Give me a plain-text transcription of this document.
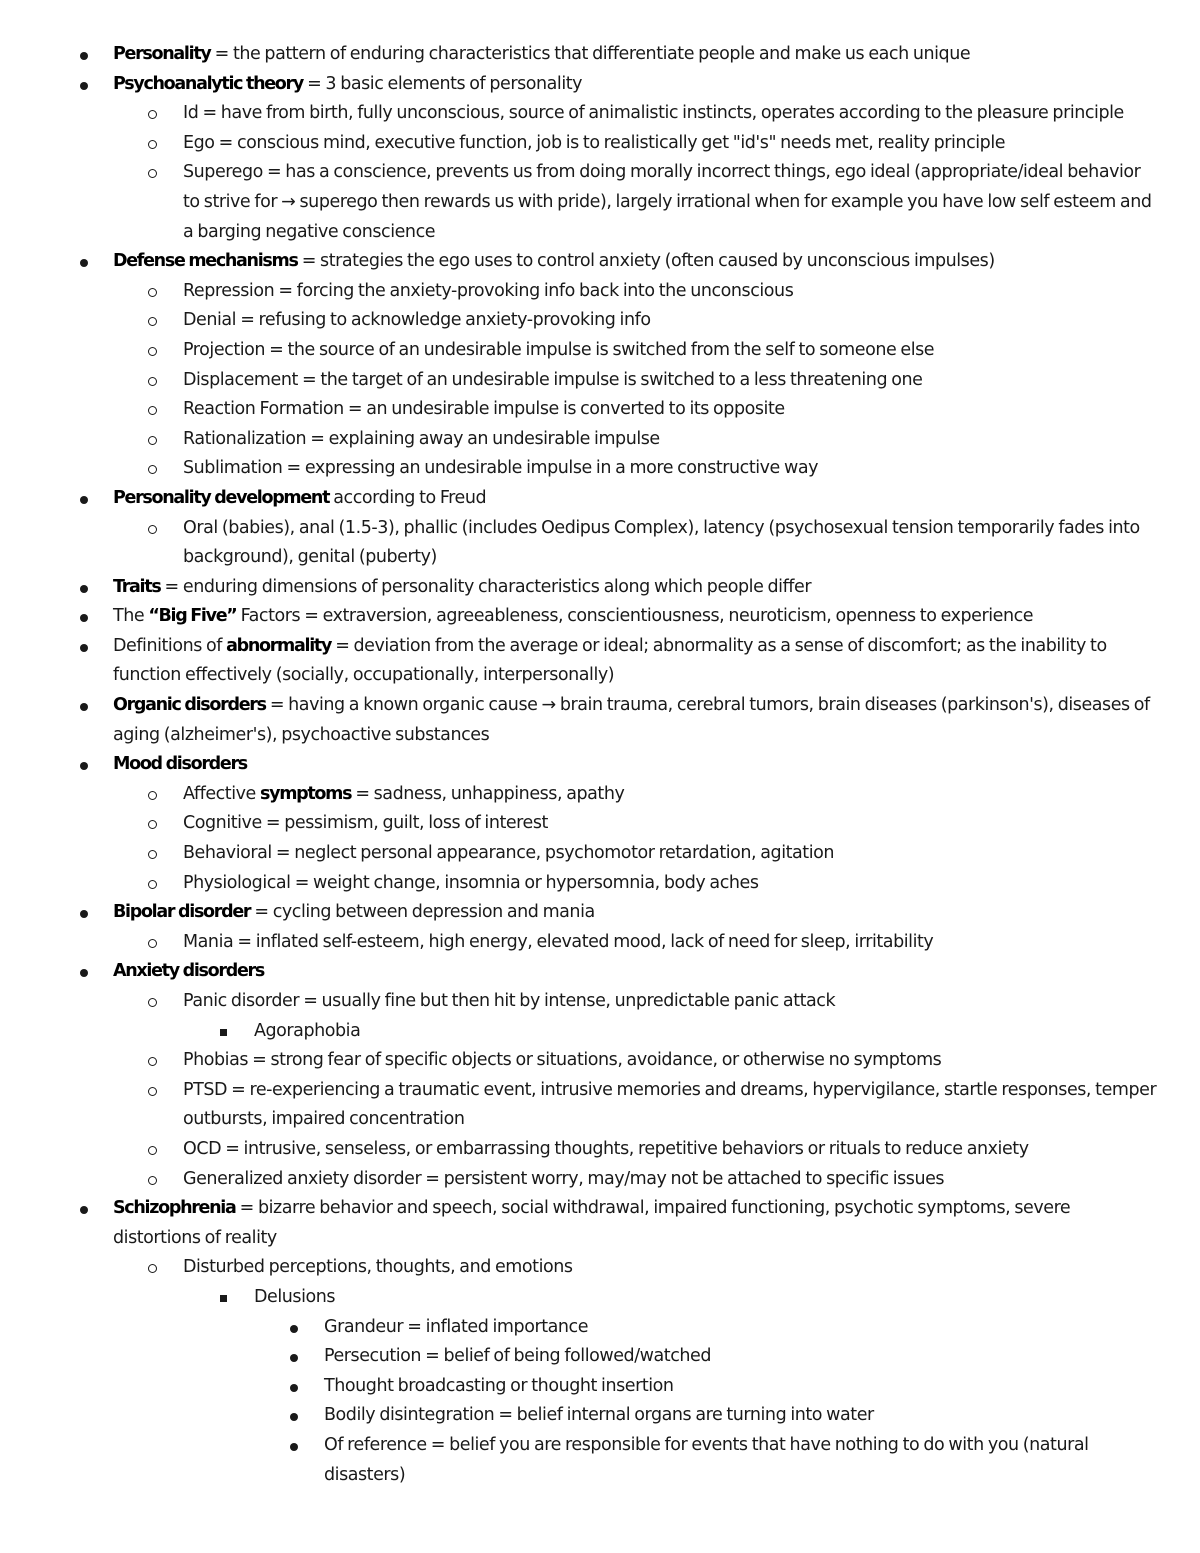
Personality = the pattern of enduring characteristics that differentiate people and make us each unique
Psychoanalytic theory = 3 basic elements of personality
Id = have from birth, fully unconscious, source of animalistic instincts, operates according to the pleasure principle
Ego = conscious mind, executive function, job is to realistically get "id's" needs met, reality principle
Superego = has a conscience, prevents us from doing morally incorrect things, ego ideal (appropriate/ideal behavior to strive for → superego then rewards us with pride), largely irrational when for example you have low self esteem and a barging negative conscience
Defense mechanisms = strategies the ego uses to control anxiety (often caused by unconscious impulses)
Repression = forcing the anxiety-provoking info back into the unconscious
Denial = refusing to acknowledge anxiety-provoking info
Projection = the source of an undesirable impulse is switched from the self to someone else
Displacement = the target of an undesirable impulse is switched to a less threatening one
Reaction Formation = an undesirable impulse is converted to its opposite
Rationalization = explaining away an undesirable impulse
Sublimation = expressing an undesirable impulse in a more constructive way
Personality development according to Freud
Oral (babies), anal (1.5-3), phallic (includes Oedipus Complex), latency (psychosexual tension temporarily fades into background), genital (puberty)
Traits = enduring dimensions of personality characteristics along which people differ
The “Big Five” Factors = extraversion, agreeableness, conscientiousness, neuroticism, openness to experience
Definitions of abnormality = deviation from the average or ideal; abnormality as a sense of discomfort; as the inability to function effectively (socially, occupationally, interpersonally)
Organic disorders = having a known organic cause → brain trauma, cerebral tumors, brain diseases (parkinson's), diseases of aging (alzheimer's), psychoactive substances
Mood disorders
Affective symptoms = sadness, unhappiness, apathy
Cognitive = pessimism, guilt, loss of interest
Behavioral = neglect personal appearance, psychomotor retardation, agitation
Physiological = weight change, insomnia or hypersomnia, body aches
Bipolar disorder = cycling between depression and mania
Mania = inflated self-esteem, high energy, elevated mood, lack of need for sleep, irritability
Anxiety disorders
Panic disorder = usually fine but then hit by intense, unpredictable panic attack
Agoraphobia
Phobias = strong fear of specific objects or situations, avoidance, or otherwise no symptoms
PTSD = re-experiencing a traumatic event, intrusive memories and dreams, hypervigilance, startle responses, temper outbursts, impaired concentration
OCD = intrusive, senseless, or embarrassing thoughts, repetitive behaviors or rituals to reduce anxiety
Generalized anxiety disorder = persistent worry, may/may not be attached to specific issues
Schizophrenia = bizarre behavior and speech, social withdrawal, impaired functioning, psychotic symptoms, severe distortions of reality
Disturbed perceptions, thoughts, and emotions
Delusions
Grandeur = inflated importance
Persecution = belief of being followed/watched
Thought broadcasting or thought insertion
Bodily disintegration = belief internal organs are turning into water
Of reference = belief you are responsible for events that have nothing to do with you (natural disasters)
